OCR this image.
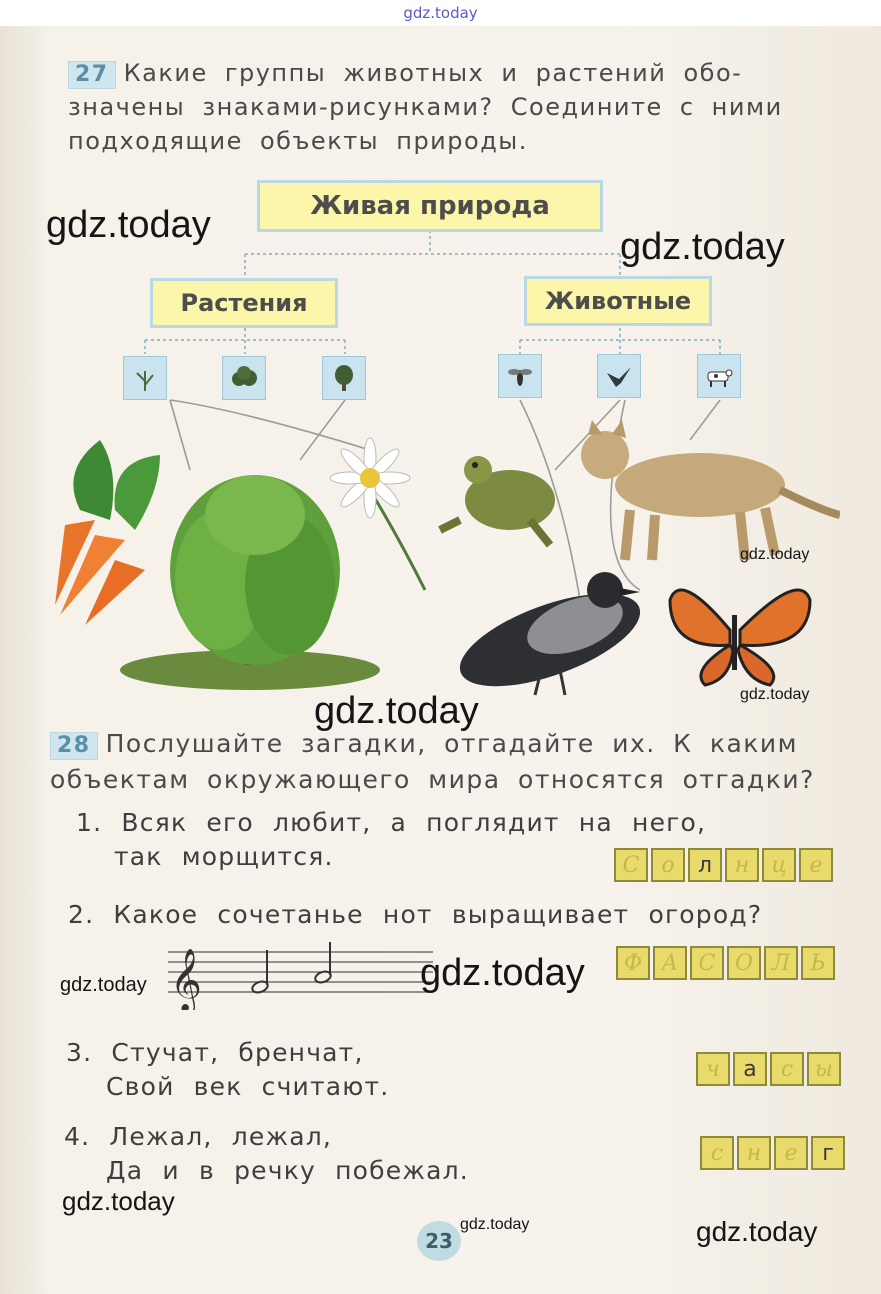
gdz.today
27 Какие группы животных и растений обо-
значены знаками-рисунками? Соедините с ними
подходящие объекты природы.
Живая природа
Растения	Животные
28 Послушайте загадки, отгадайте их. К каким
объектам окружающего мира относятся отгадки?
1. Всяк его любит, а поглядит на него,
так морщится.	С о	л	н	ц	е
2. Какое сочетанье нот выращивает огород?
𝄞	Ф А С О Л Ь
3. Стучат, бренчат,
Свой век считают.
ч	а	с ы
4. Лежал, лежал,
Да и в речку побежал.
с	н	е	г
23
gdz.today
gdz.today
gdz.today
gdz.today
gdz.today
gdz.today	gdz.today
gdz.today
gdz.today	gdz.today
